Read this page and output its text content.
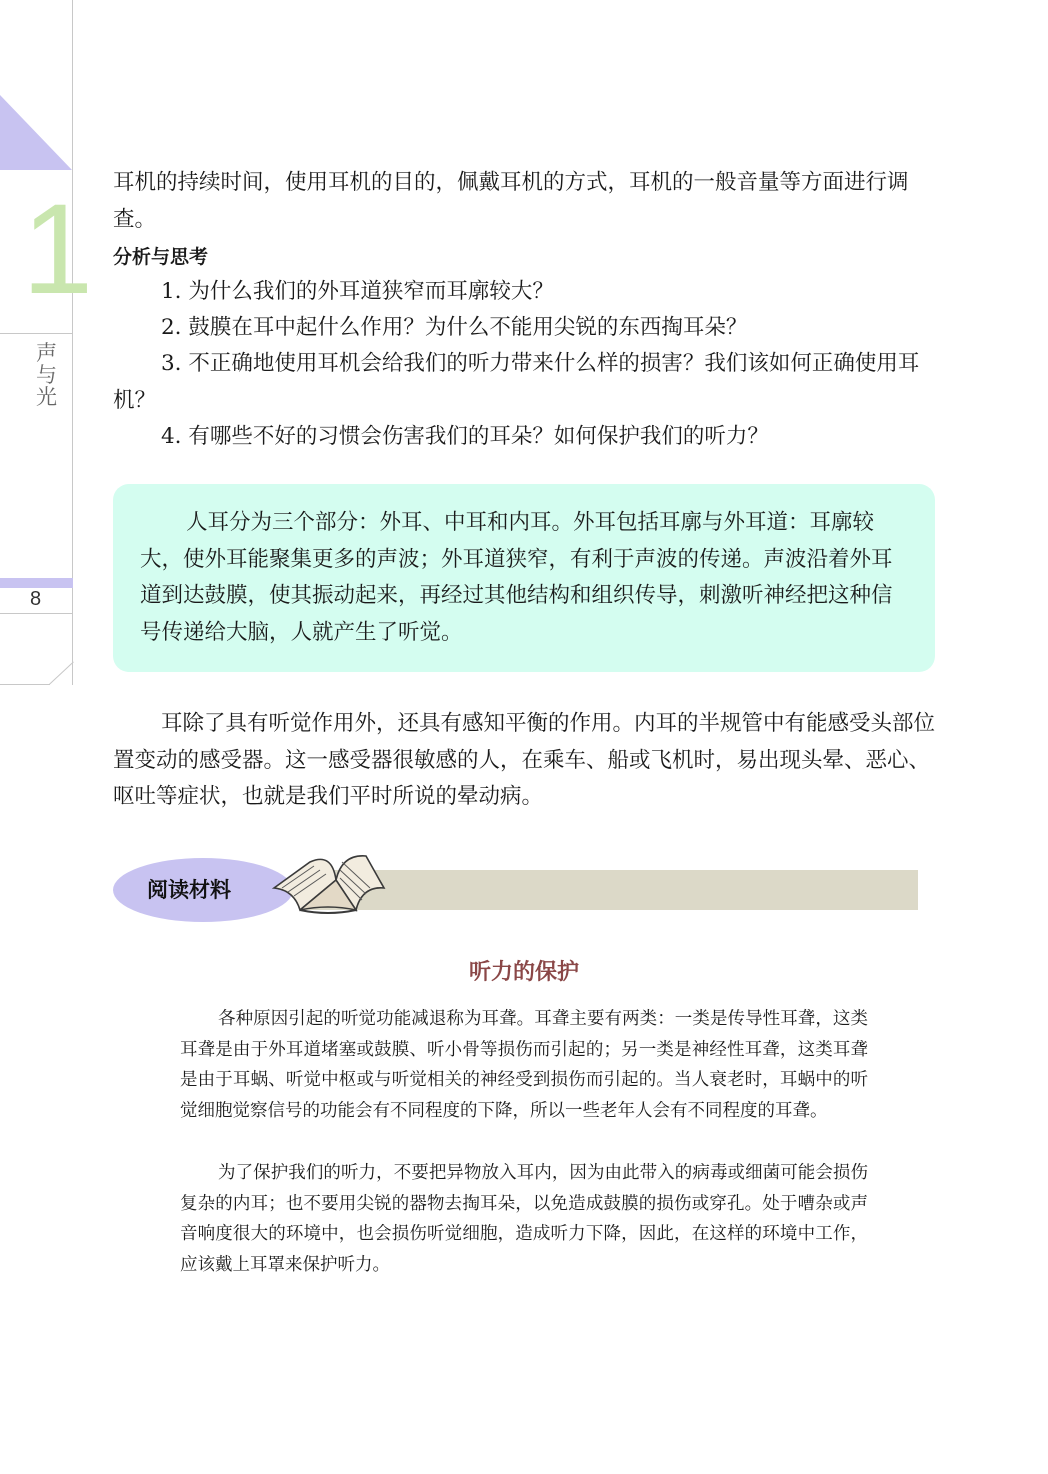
1
声与光
8

耳机的持续时间，使用耳机的目的，佩戴耳机的方式，耳机的一般音量等方面进行调查。

分析与思考

1. 为什么我们的外耳道狭窄而耳廓较大？

2. 鼓膜在耳中起什么作用？为什么不能用尖锐的东西掏耳朵？

3. 不正确地使用耳机会给我们的听力带来什么样的损害？我们该如何正确使用耳机？

4. 有哪些不好的习惯会伤害我们的耳朵？如何保护我们的听力？

人耳分为三个部分：外耳、中耳和内耳。外耳包括耳廓与外耳道：耳廓较大，使外耳能聚集更多的声波；外耳道狭窄，有利于声波的传递。声波沿着外耳道到达鼓膜，使其振动起来，再经过其他结构和组织传导，刺激听神经把这种信号传递给大脑，人就产生了听觉。

耳除了具有听觉作用外，还具有感知平衡的作用。内耳的半规管中有能感受头部位置变动的感受器。这一感受器很敏感的人，在乘车、船或飞机时，易出现头晕、恶心、呕吐等症状，也就是我们平时所说的晕动病。

阅读材料
听力的保护

各种原因引起的听觉功能减退称为耳聋。耳聋主要有两类：一类是传导性耳聋，这类耳聋是由于外耳道堵塞或鼓膜、听小骨等损伤而引起的；另一类是神经性耳聋，这类耳聋是由于耳蜗、听觉中枢或与听觉相关的神经受到损伤而引起的。当人衰老时，耳蜗中的听觉细胞觉察信号的功能会有不同程度的下降，所以一些老年人会有不同程度的耳聋。

为了保护我们的听力，不要把异物放入耳内，因为由此带入的病毒或细菌可能会损伤复杂的内耳；也不要用尖锐的器物去掏耳朵，以免造成鼓膜的损伤或穿孔。处于嘈杂或声音响度很大的环境中，也会损伤听觉细胞，造成听力下降，因此，在这样的环境中工作，应该戴上耳罩来保护听力。
